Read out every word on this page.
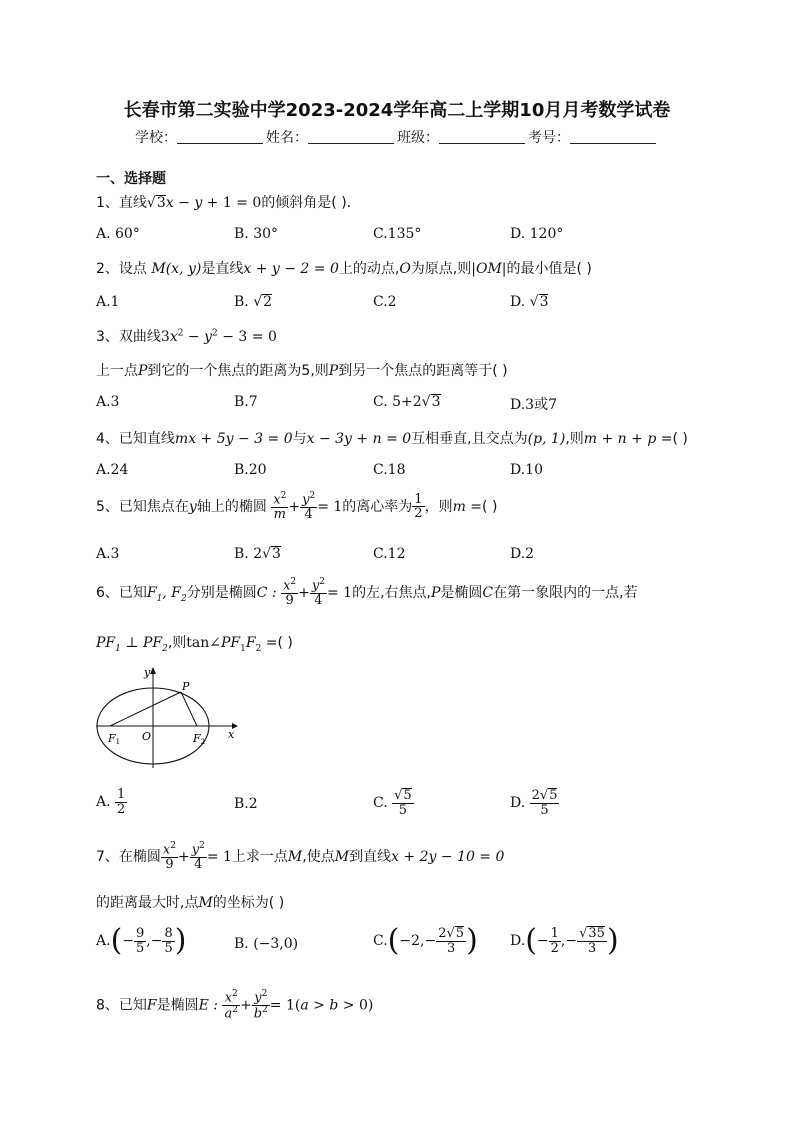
长春市第二实验中学2023-2024学年高二上学期10月月考数学试卷
学校：	姓名：	班级：	考号：
一、选择题
1、直线√3x − y + 1 = 0的倾斜角是( ).
A. 60°	B. 30°	C.135°	D. 120°
2、设点 M(x, y)是直线x + y − 2 = 0上的动点,O为原点,则|OM|的最小值是( )
A.1	B. √2	C.2	D. √3
3、双曲线$3x^2 - y^2 - 3 = 0$
上一点P到它的一个焦点的距离为5,则P到另一个焦点的距离等于( )
A.3	B.7	C. 5+2√3	D.3或7
4、已知直线mx + 5y − 3 = 0与x − 3y + n = 0互相垂直,且交点为(p, 1),则m + n + p =( )
A.24	B.20	C.18	D.10
5、已知焦点在y轴上的椭圆 $\frac{x^2}{m} + \frac{y^2}{4} = 1$的离心率为 $\frac{1}{2}$ ，则m =( )
A.3	B. 2√3	C.12	D.2
6、已知$F_1$, $F_2$分别是椭圆C : $\frac{x^2}{9} + \frac{y^2}{4} = 1$的左,右焦点,P是椭圆C在第一象限内的一点,若
$PF_1$ ⊥ $PF_2$,则$\tan\angle PF_1F_2$ =( )
y
x
P
O
F1	F2
A. $\frac{1}{2}$	B.2	C. $\frac{√5}{5}$	D. $\frac{2√5}{5}$
7、在椭圆 $\frac{x^2}{9} + \frac{y^2}{4} = 1$上求一点M,使点M到直线x + 2y − 10 = 0
的距离最大时,点M的坐标为( )
$A.(- \frac{9}{5}$ ,− $\frac{8}{5}$ )	B. (−3,0)	$C.(-2,- \frac{2√5}{3}$ ) $D.(- \frac{1}{2}$ ,− $\frac{√35}{3}$ )
8、已知F是椭圆E : $\frac{x^2}{a^2} + \frac{y^2}{b^2} = 1(a > b > 0)$
